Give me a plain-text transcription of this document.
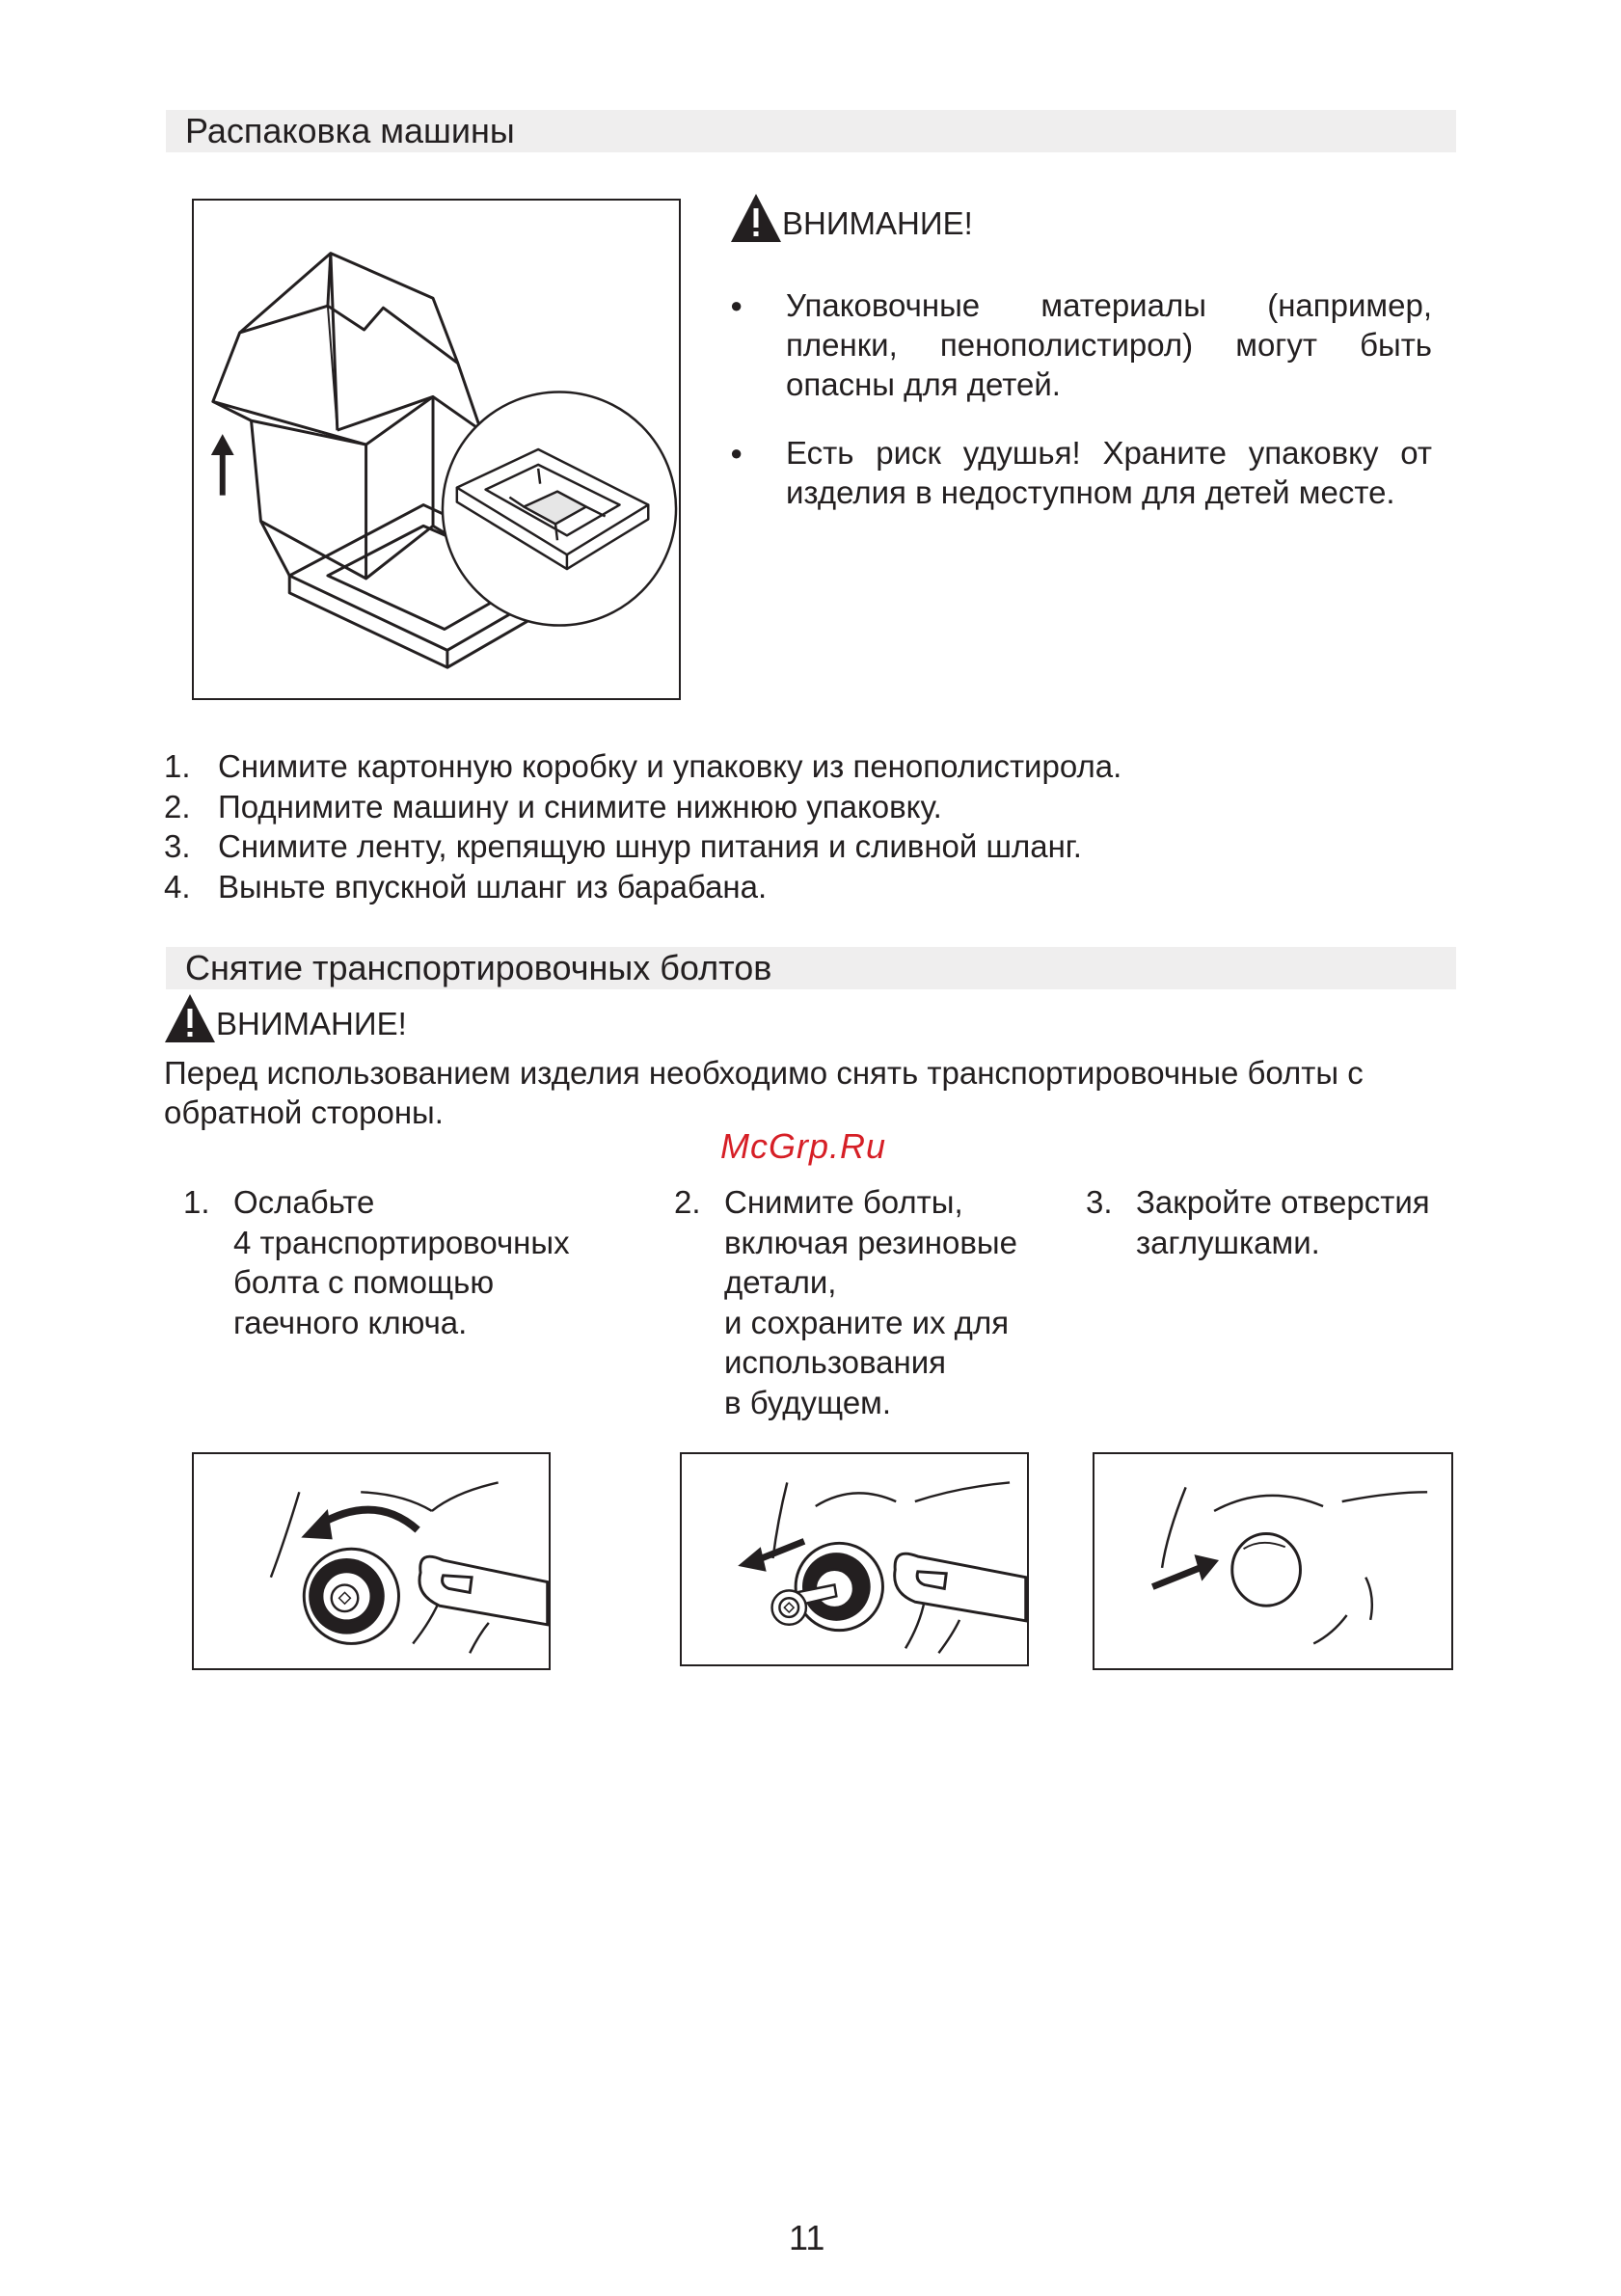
Распаковка машины
ВНИМАНИЕ!
● Упаковочные материалы (например, пленки, пенополистирол) могут быть опасны для детей.
● Есть риск удушья! Храните упаковку от изделия в недоступном для детей месте.
1. Снимите картонную коробку и упаковку из пенополистирола.
2. Поднимите машину и снимите нижнюю упаковку.
3. Снимите ленту, крепящую шнур питания и сливной шланг.
4. Выньте впускной шланг из барабана.
Снятие транспортировочных болтов
ВНИМАНИЕ!
Перед использованием изделия необходимо снять транспортировочные болты с обратной стороны.
McGrp.Ru
1. Ослабьте
4 транспортировочных
болта с помощью
гаечного ключа.
2. Снимите болты,
включая резиновые
детали,
и сохраните их для
использования
в будущем.
3. Закройте отверстия
заглушками.
11
